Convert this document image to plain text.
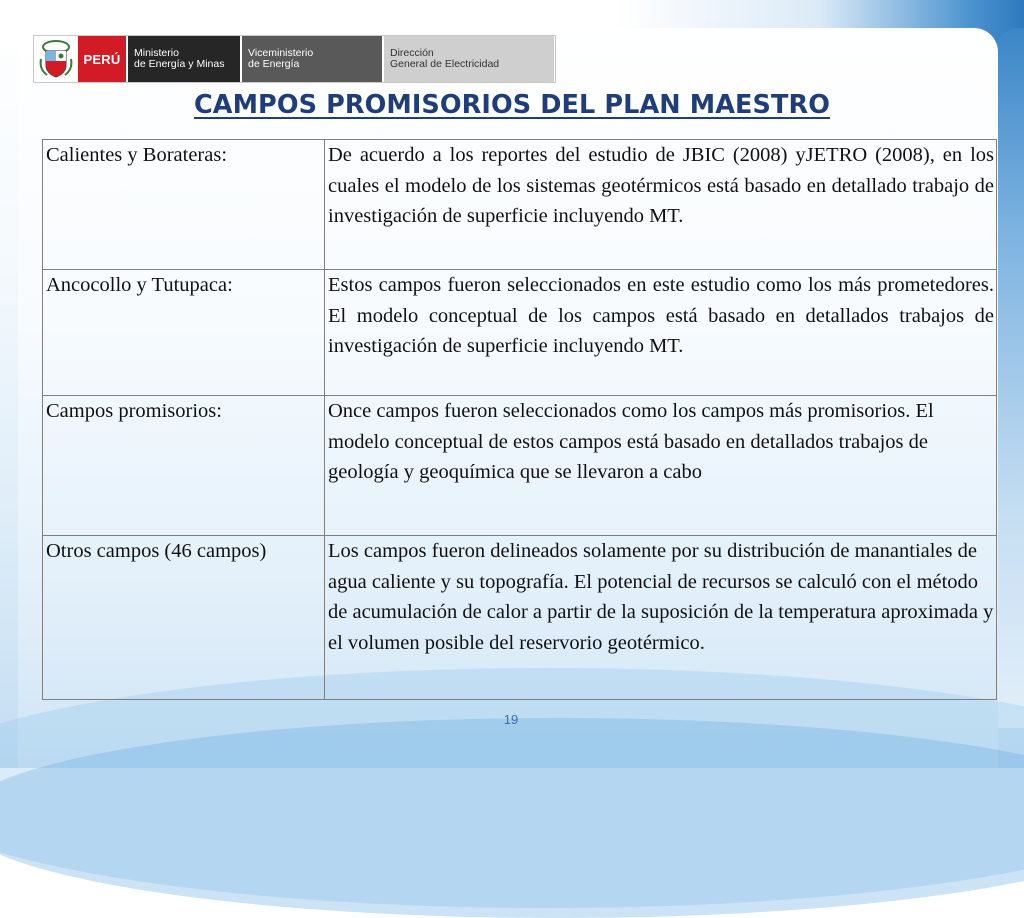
PERÚ	Ministerio
de Energía y Minas
Viceministerio
de Energía
Dirección
General de Electricidad
CAMPOS PROMISORIOS DEL PLAN MAESTRO
Calientes y Borateras:	De acuerdo a los reportes del estudio de JBIC (2008) yJETRO (2008), en los cuales el modelo de los sistemas geotérmicos está basado en detallado trabajo de investigación de superficie incluyendo MT.
Ancocollo y Tutupaca:	Estos campos fueron seleccionados en este estudio como los más prometedores. El modelo conceptual de los campos está basado en detallados trabajos de investigación de superficie incluyendo MT.
Campos promisorios:	Once campos fueron seleccionados como los campos más promisorios. El modelo conceptual de estos campos está basado en detallados trabajos de geología y geoquímica que se llevaron a cabo
Otros campos (46 campos)	Los campos fueron delineados solamente por su distribución de manantiales de agua caliente y su topografía. El potencial de recursos se calculó con el método de acumulación de calor a partir de la suposición de la temperatura aproximada y el volumen posible del reservorio geotérmico.
19
